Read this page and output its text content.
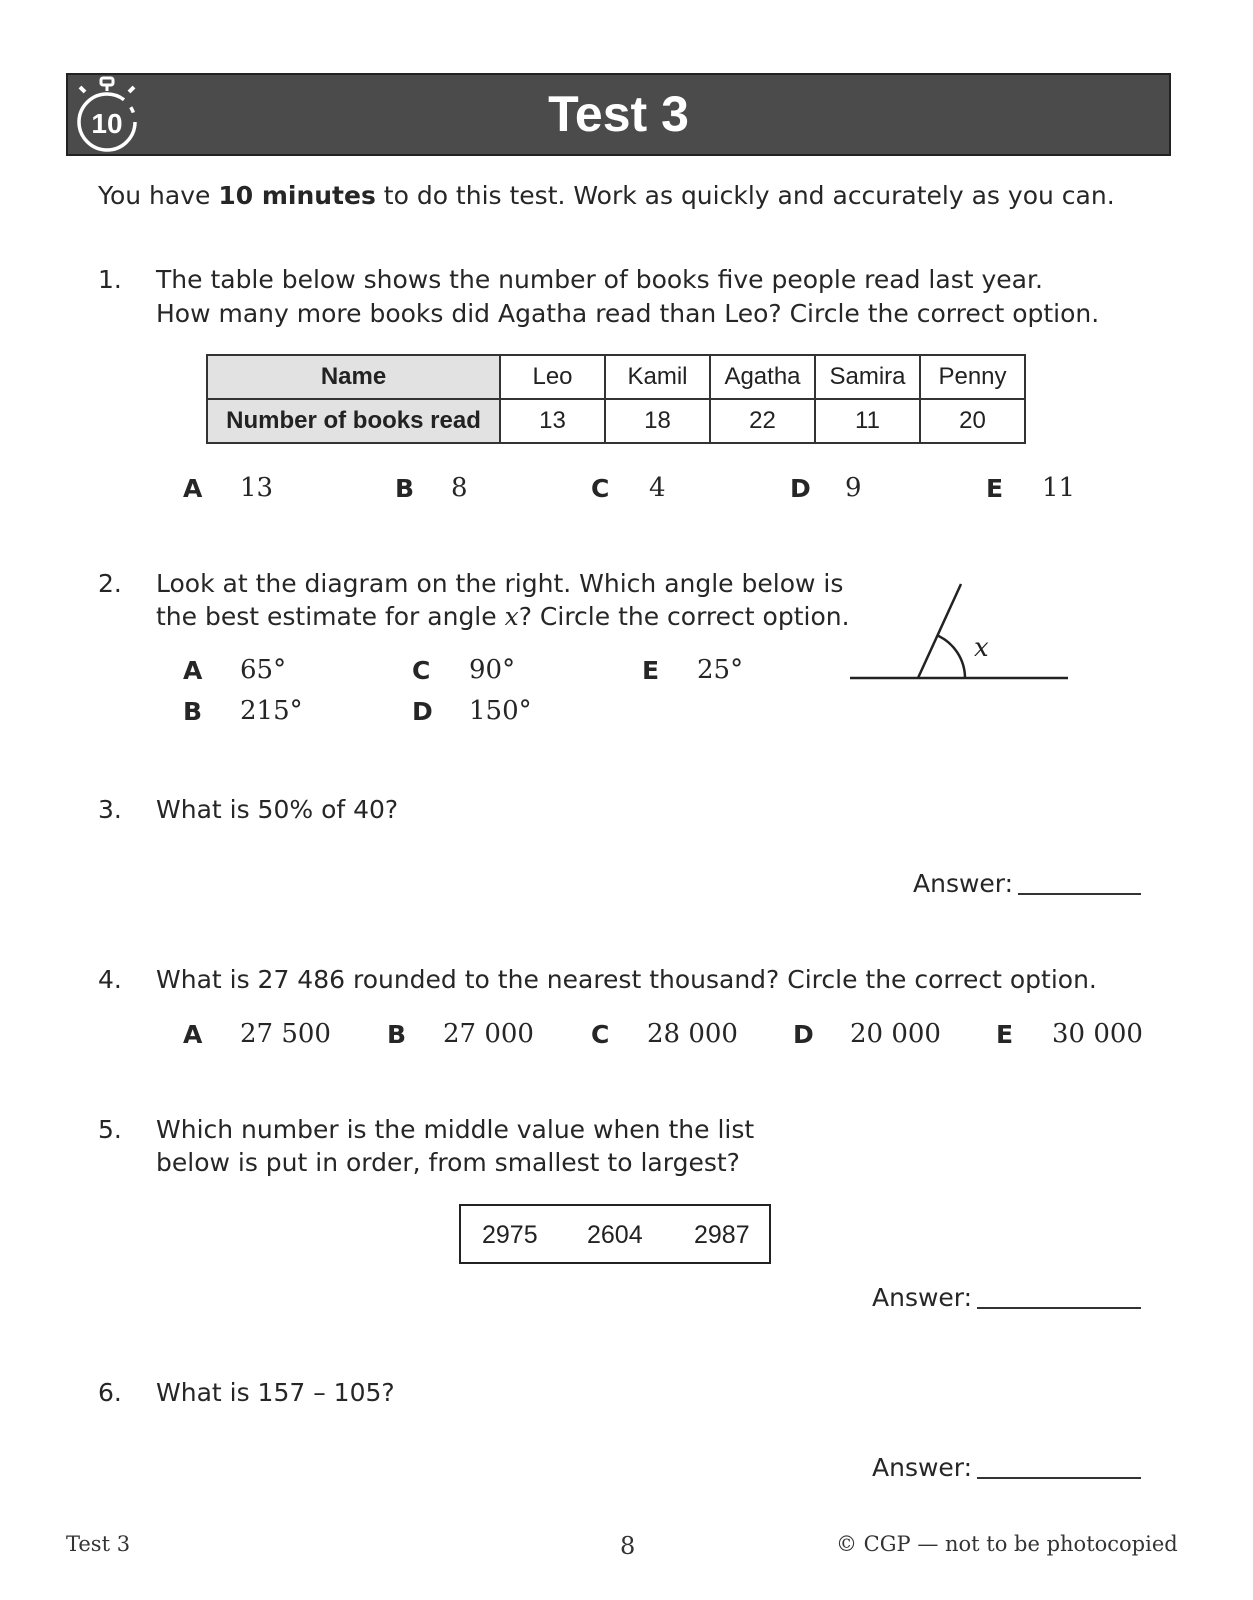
Test 3
10
You have 10 minutes to do this test. Work as quickly and accurately as you can.
1. The table below shows the number of books five people read last year.
How many more books did Agatha read than Leo? Circle the correct option.
Name	Leo	Kamil	Agatha	Samira	Penny
Number of books read	13	18	22	11	20
A 13	B 8	C 4	D 9	E 11
2. Look at the diagram on the right. Which angle below is
the best estimate for angle x? Circle the correct option.
x
A 65°
B 215°
C 90°
D 150°
E 25°
3. What is 50% of 40?
Answer:
4. What is 27 486 rounded to the nearest thousand? Circle the correct option.
A 27 500 B 27 000 C 28 000 D 20 000 E 30 000
5. Which number is the middle value when the list
below is put in order, from smallest to largest?
2975 2604 2987
Answer:
6. What is 157 – 105?
Answer:
Test 3	8	© CGP — not to be photocopied
